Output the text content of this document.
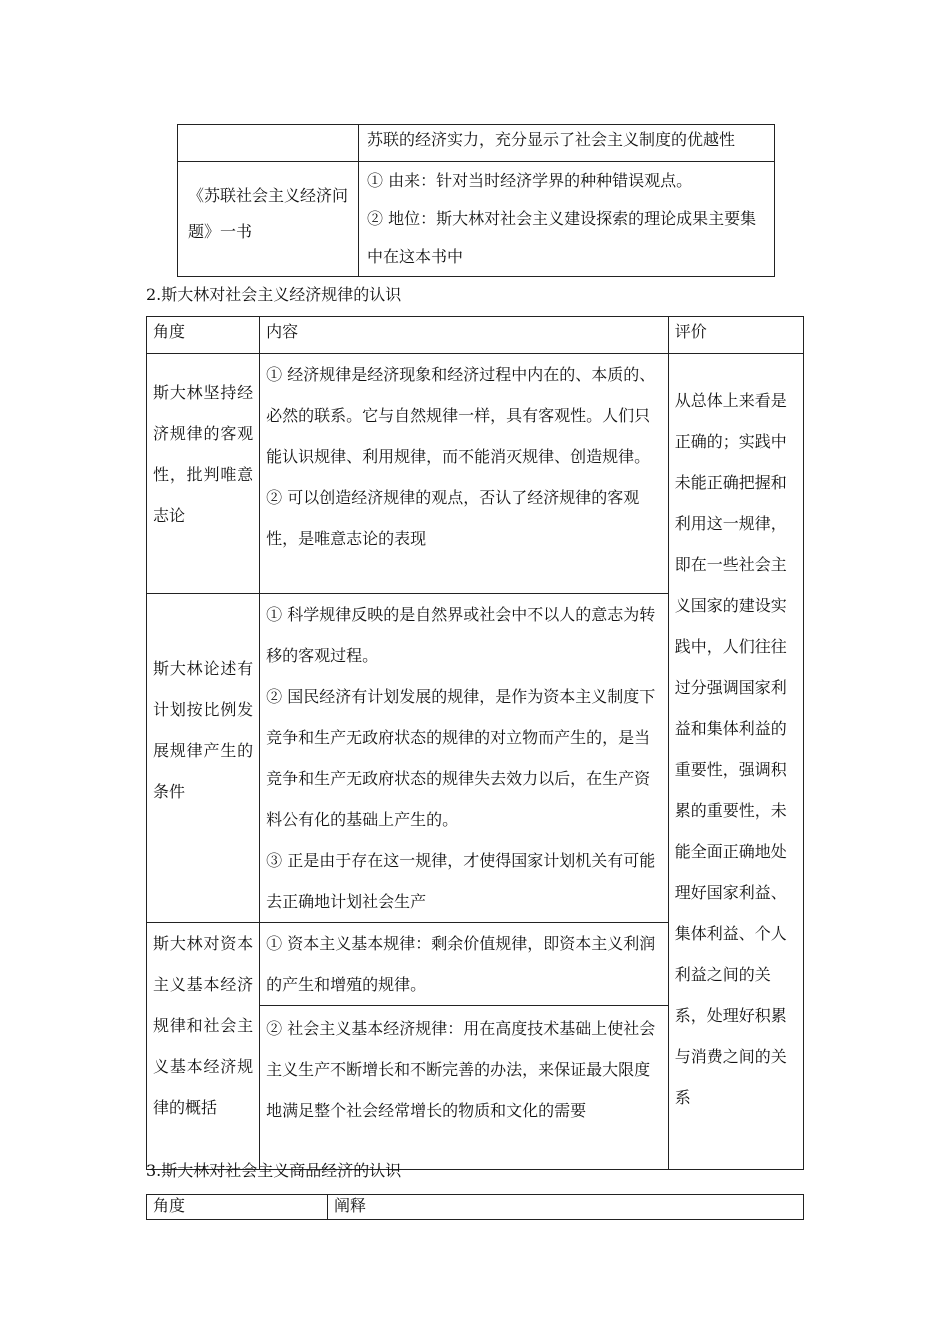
	苏联的经济实力，充分显示了社会主义制度的优越性

《苏联社会主义经济问题》一书	① 由来：针对当时经济学界的种种错误观点。
② 地位：斯大林对社会主义建设探索的理论成果主要集中在这本书中
2.斯大林对社会主义经济规律的认识
角度	内容	评价

斯大林坚持经济规律的客观性，批判唯意志论	① 经济规律是经济现象和经济过程中内在的、本质的、必然的联系。它与自然规律一样，具有客观性。人们只能认识规律、利用规律，而不能消灭规律、创造规律。
② 可以创造经济规律的观点，否认了经济规律的客观性，是唯意志论的表现	从总体上来看是正确的；实践中未能正确把握和利用这一规律，即在一些社会主义国家的建设实践中，人们往往过分强调国家利益和集体利益的重要性，强调积累的重要性，未能全面正确地处理好国家利益、集体利益、个人利益之间的关系，处理好积累与消费之间的关系

斯大林论述有计划按比例发展规律产生的条件	① 科学规律反映的是自然界或社会中不以人的意志为转移的客观过程。
② 国民经济有计划发展的规律，是作为资本主义制度下竞争和生产无政府状态的规律的对立物而产生的，是当竞争和生产无政府状态的规律失去效力以后，在生产资料公有化的基础上产生的。
③ 正是由于存在这一规律，才使得国家计划机关有可能去正确地计划社会生产	

斯大林对资本主义基本经济规律和社会主义基本经济规律的概括	① 资本主义基本规律：剩余价值规律，即资本主义利润的产生和增殖的规律。	

	② 社会主义基本经济规律：用在高度技术基础上使社会主义生产不断增长和不断完善的办法，来保证最大限度地满足整个社会经常增长的物质和文化的需要	
3.斯大林对社会主义商品经济的认识
角度	阐释
